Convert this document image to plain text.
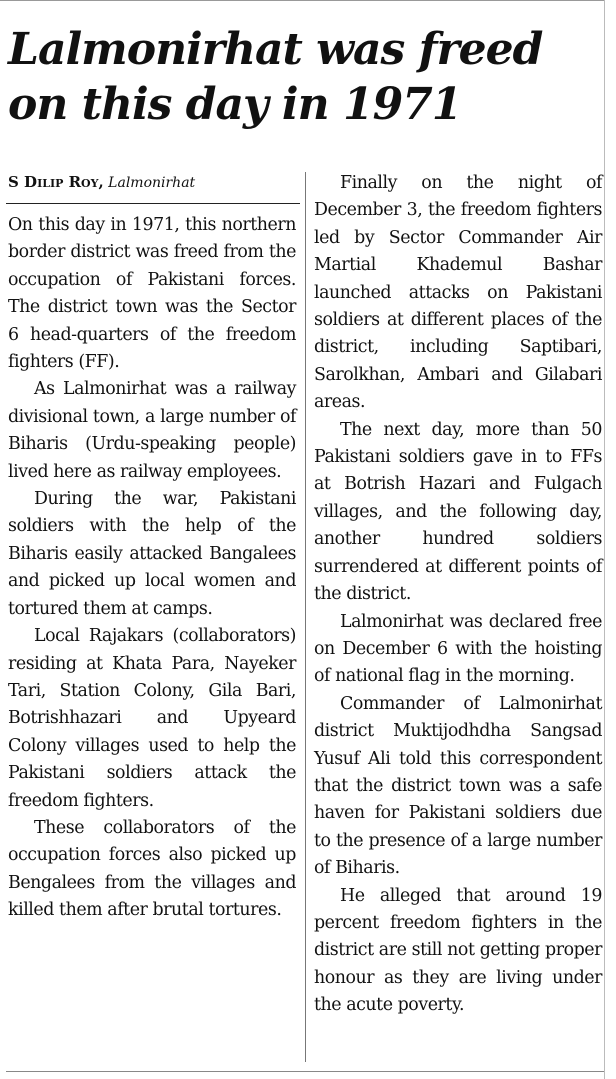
Lalmonirhat was freed on this day in 1971
S Dilip Roy, Lalmonirhat

On this day in 1971, this northern border district was freed from the occupation of Pakistani forces. The district town was the Sector 6 head-quarters of the freedom fighters (FF).

As Lalmonirhat was a railway divisional town, a large number of Biharis (Urdu-speaking people) lived here as railway employees.

During the war, Pakistani soldiers with the help of the Biharis easily attacked Bangalees and picked up local women and tortured them at camps.

Local Rajakars (collaborators) residing at Khata Para, Nayeker Tari, Station Colony, Gila Bari, Botrishhazari and Upyeard Colony villages used to help the Pakistani soldiers attack the freedom fighters.

These collaborators of the occupation forces also picked up Bengalees from the villages and killed them after brutal tortures.

Finally on the night of December 3, the freedom fighters led by Sector Commander Air Martial Khademul Bashar launched attacks on Pakistani soldiers at different places of the district, including Saptibari, Sarolkhan, Ambari and Gilabari areas.

The next day, more than 50 Pakistani soldiers gave in to FFs at Botrish Hazari and Fulgach villages, and the following day, another hundred soldiers surrendered at different points of the district.

Lalmonirhat was declared free on December 6 with the hoisting of national flag in the morning.

Commander of Lalmonirhat district Muktijodhdha Sangsad Yusuf Ali told this correspondent that the district town was a safe haven for Pakistani soldiers due to the presence of a large number of Biharis.

He alleged that around 19 percent freedom fighters in the district are still not getting proper honour as they are living under the acute poverty.
